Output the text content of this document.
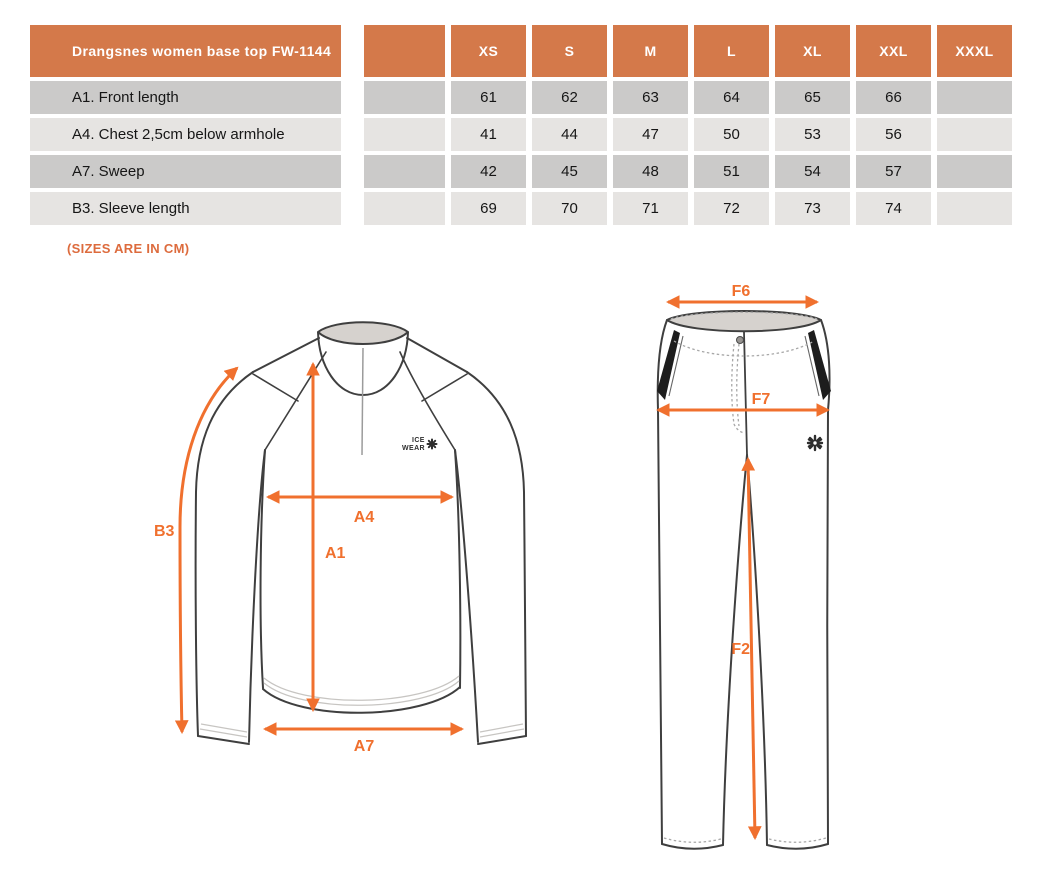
Drangsnes women base top FW-1144	XS	S	M	L	XL	XXL	XXXL
A1. Front length	61	62	63	64	65	66
A4. Chest 2,5cm below armhole	41	44	47	50	53	56
A7. Sweep	42	45	48	51	54	57
B3. Sleeve length	69	70	71	72	73	74
(SIZES ARE IN CM)
ICE
WEAR
B3
A1
A4
A7
F6
F7
F2
